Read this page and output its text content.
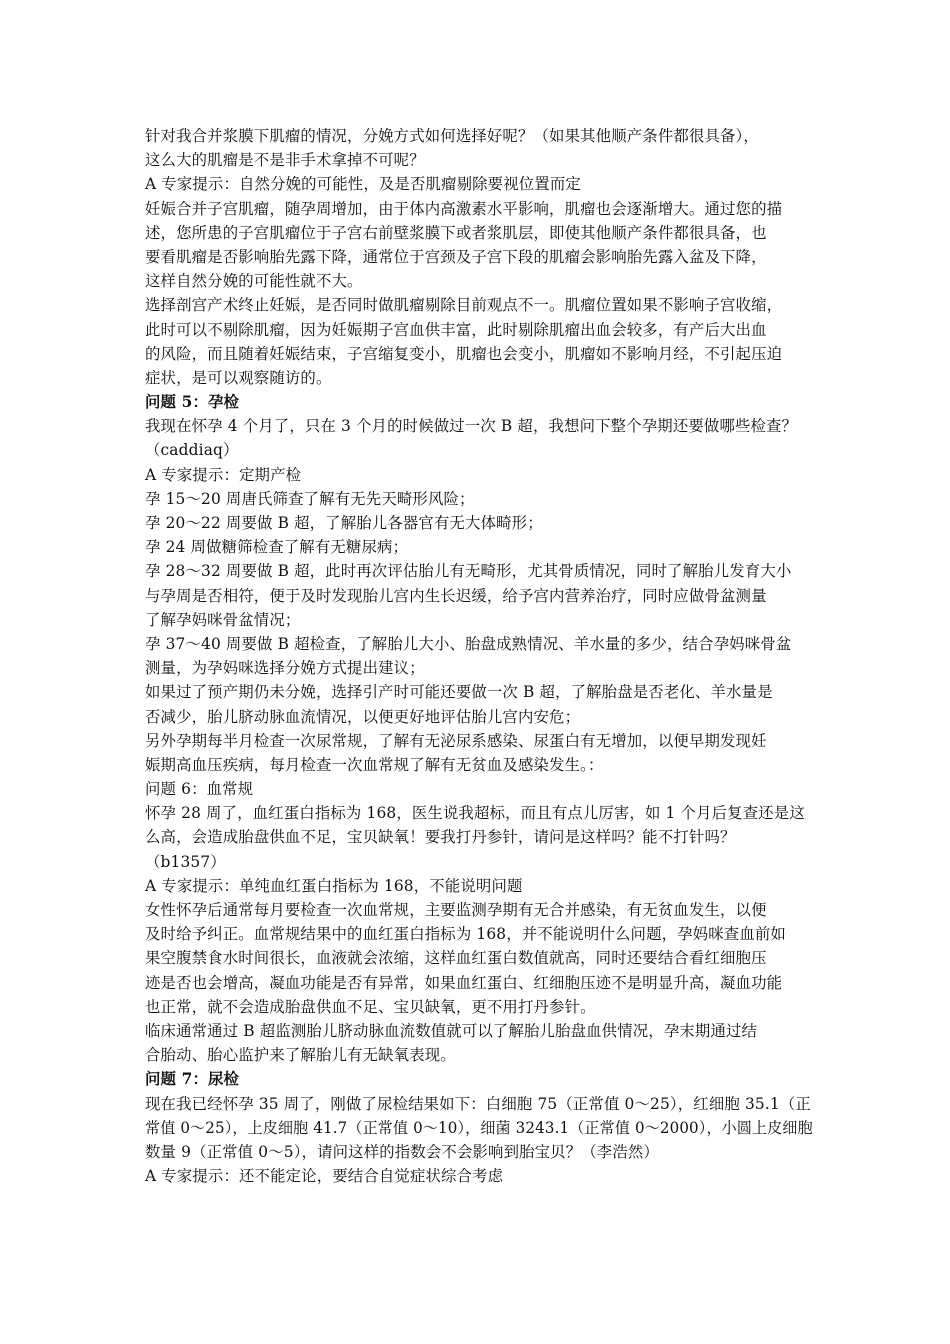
针对我合并浆膜下肌瘤的情况，分娩方式如何选择好呢？（如果其他顺产条件都很具备），
这么大的肌瘤是不是非手术拿掉不可呢？
A 专家提示：自然分娩的可能性，及是否肌瘤剔除要视位置而定
妊娠合并子宫肌瘤，随孕周增加，由于体内高激素水平影响，肌瘤也会逐渐增大。通过您的描
述，您所患的子宫肌瘤位于子宫右前壁浆膜下或者浆肌层，即使其他顺产条件都很具备，也
要看肌瘤是否影响胎先露下降，通常位于宫颈及子宫下段的肌瘤会影响胎先露入盆及下降，
这样自然分娩的可能性就不大。
选择剖宫产术终止妊娠，是否同时做肌瘤剔除目前观点不一。肌瘤位置如果不影响子宫收缩，
此时可以不剔除肌瘤，因为妊娠期子宫血供丰富，此时剔除肌瘤出血会较多，有产后大出血
的风险，而且随着妊娠结束，子宫缩复变小，肌瘤也会变小，肌瘤如不影响月经，不引起压迫
症状，是可以观察随访的。
问题 5：孕检
我现在怀孕 4 个月了，只在 3 个月的时候做过一次 B 超，我想问下整个孕期还要做哪些检查？
（caddiaq）
A 专家提示：定期产检
孕 15～20 周唐氏筛查了解有无先天畸形风险；
孕 20～22 周要做 B 超，了解胎儿各器官有无大体畸形；
孕 24 周做糖筛检查了解有无糖尿病；
孕 28～32 周要做 B 超，此时再次评估胎儿有无畸形，尤其骨质情况，同时了解胎儿发育大小
与孕周是否相符，便于及时发现胎儿宫内生长迟缓，给予宫内营养治疗，同时应做骨盆测量
了解孕妈咪骨盆情况；
孕 37～40 周要做 B 超检查，了解胎儿大小、胎盘成熟情况、羊水量的多少，结合孕妈咪骨盆
测量，为孕妈咪选择分娩方式提出建议；
如果过了预产期仍未分娩，选择引产时可能还要做一次 B 超，了解胎盘是否老化、羊水量是
否减少，胎儿脐动脉血流情况，以便更好地评估胎儿宫内安危；
另外孕期每半月检查一次尿常规，了解有无泌尿系感染、尿蛋白有无增加，以便早期发现妊
娠期高血压疾病，每月检查一次血常规了解有无贫血及感染发生。：
问题 6：血常规
怀孕 28 周了，血红蛋白指标为 168，医生说我超标，而且有点儿厉害，如 1 个月后复查还是这
么高，会造成胎盘供血不足，宝贝缺氧！要我打丹参针，请问是这样吗？能不打针吗？
（b1357）
A 专家提示：单纯血红蛋白指标为 168，不能说明问题
女性怀孕后通常每月要检查一次血常规，主要监测孕期有无合并感染，有无贫血发生，以便
及时给予纠正。血常规结果中的血红蛋白指标为 168，并不能说明什么问题，孕妈咪查血前如
果空腹禁食水时间很长，血液就会浓缩，这样血红蛋白数值就高，同时还要结合看红细胞压
迹是否也会增高，凝血功能是否有异常，如果血红蛋白、红细胞压迹不是明显升高，凝血功能
也正常，就不会造成胎盘供血不足、宝贝缺氧，更不用打丹参针。
临床通常通过 B 超监测胎儿脐动脉血流数值就可以了解胎儿胎盘血供情况，孕末期通过结
合胎动、胎心监护来了解胎儿有无缺氧表现。
问题 7：尿检
现在我已经怀孕 35 周了，刚做了尿检结果如下：白细胞 75（正常值 0～25），红细胞 35.1（正
常值 0～25），上皮细胞 41.7（正常值 0～10），细菌 3243.1（正常值 0～2000），小圆上皮细胞
数量 9（正常值 0～5），请问这样的指数会不会影响到胎宝贝？（李浩然）
A 专家提示：还不能定论，要结合自觉症状综合考虑
